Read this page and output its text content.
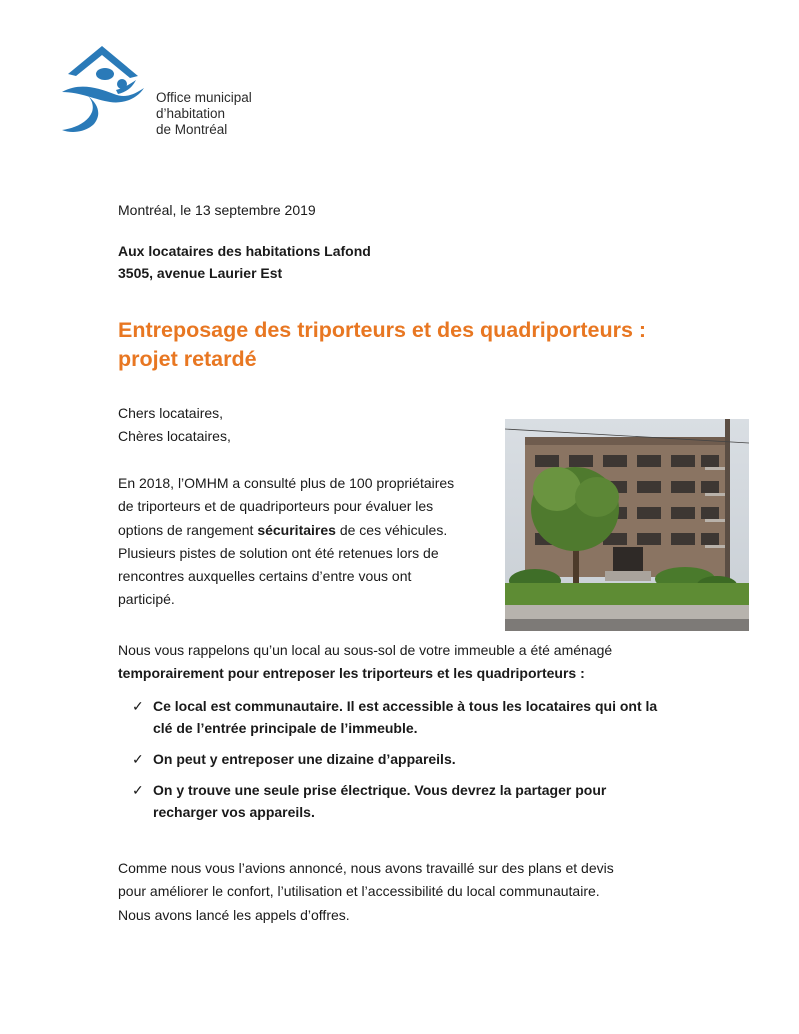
Office municipal
d’habitation
de Montréal
Montréal, le 13 septembre 2019
Aux locataires des habitations Lafond
3505, avenue Laurier Est
Entreposage des triporteurs et des quadriporteurs :
projet retardé
Chers locataires,
Chères locataires,
En 2018, l’OMHM a consulté plus de 100 propriétaires
de triporteurs et de quadriporteurs pour évaluer les
options de rangement sécuritaires de ces véhicules.
Plusieurs pistes de solution ont été retenues lors de
rencontres auxquelles certains d’entre vous ont
participé.
Nous vous rappelons qu’un local au sous-sol de votre immeuble a été aménagé
temporairement pour entreposer les triporteurs et les quadriporteurs :
✓ Ce local est communautaire. Il est accessible à tous les locataires qui ont la
clé de l’entrée principale de l’immeuble.
✓ On peut y entreposer une dizaine d’appareils.
✓ On y trouve une seule prise électrique. Vous devrez la partager pour
recharger vos appareils.
Comme nous vous l’avions annoncé, nous avons travaillé sur des plans et devis
pour améliorer le confort, l’utilisation et l’accessibilité du local communautaire.
Nous avons lancé les appels d’offres.
